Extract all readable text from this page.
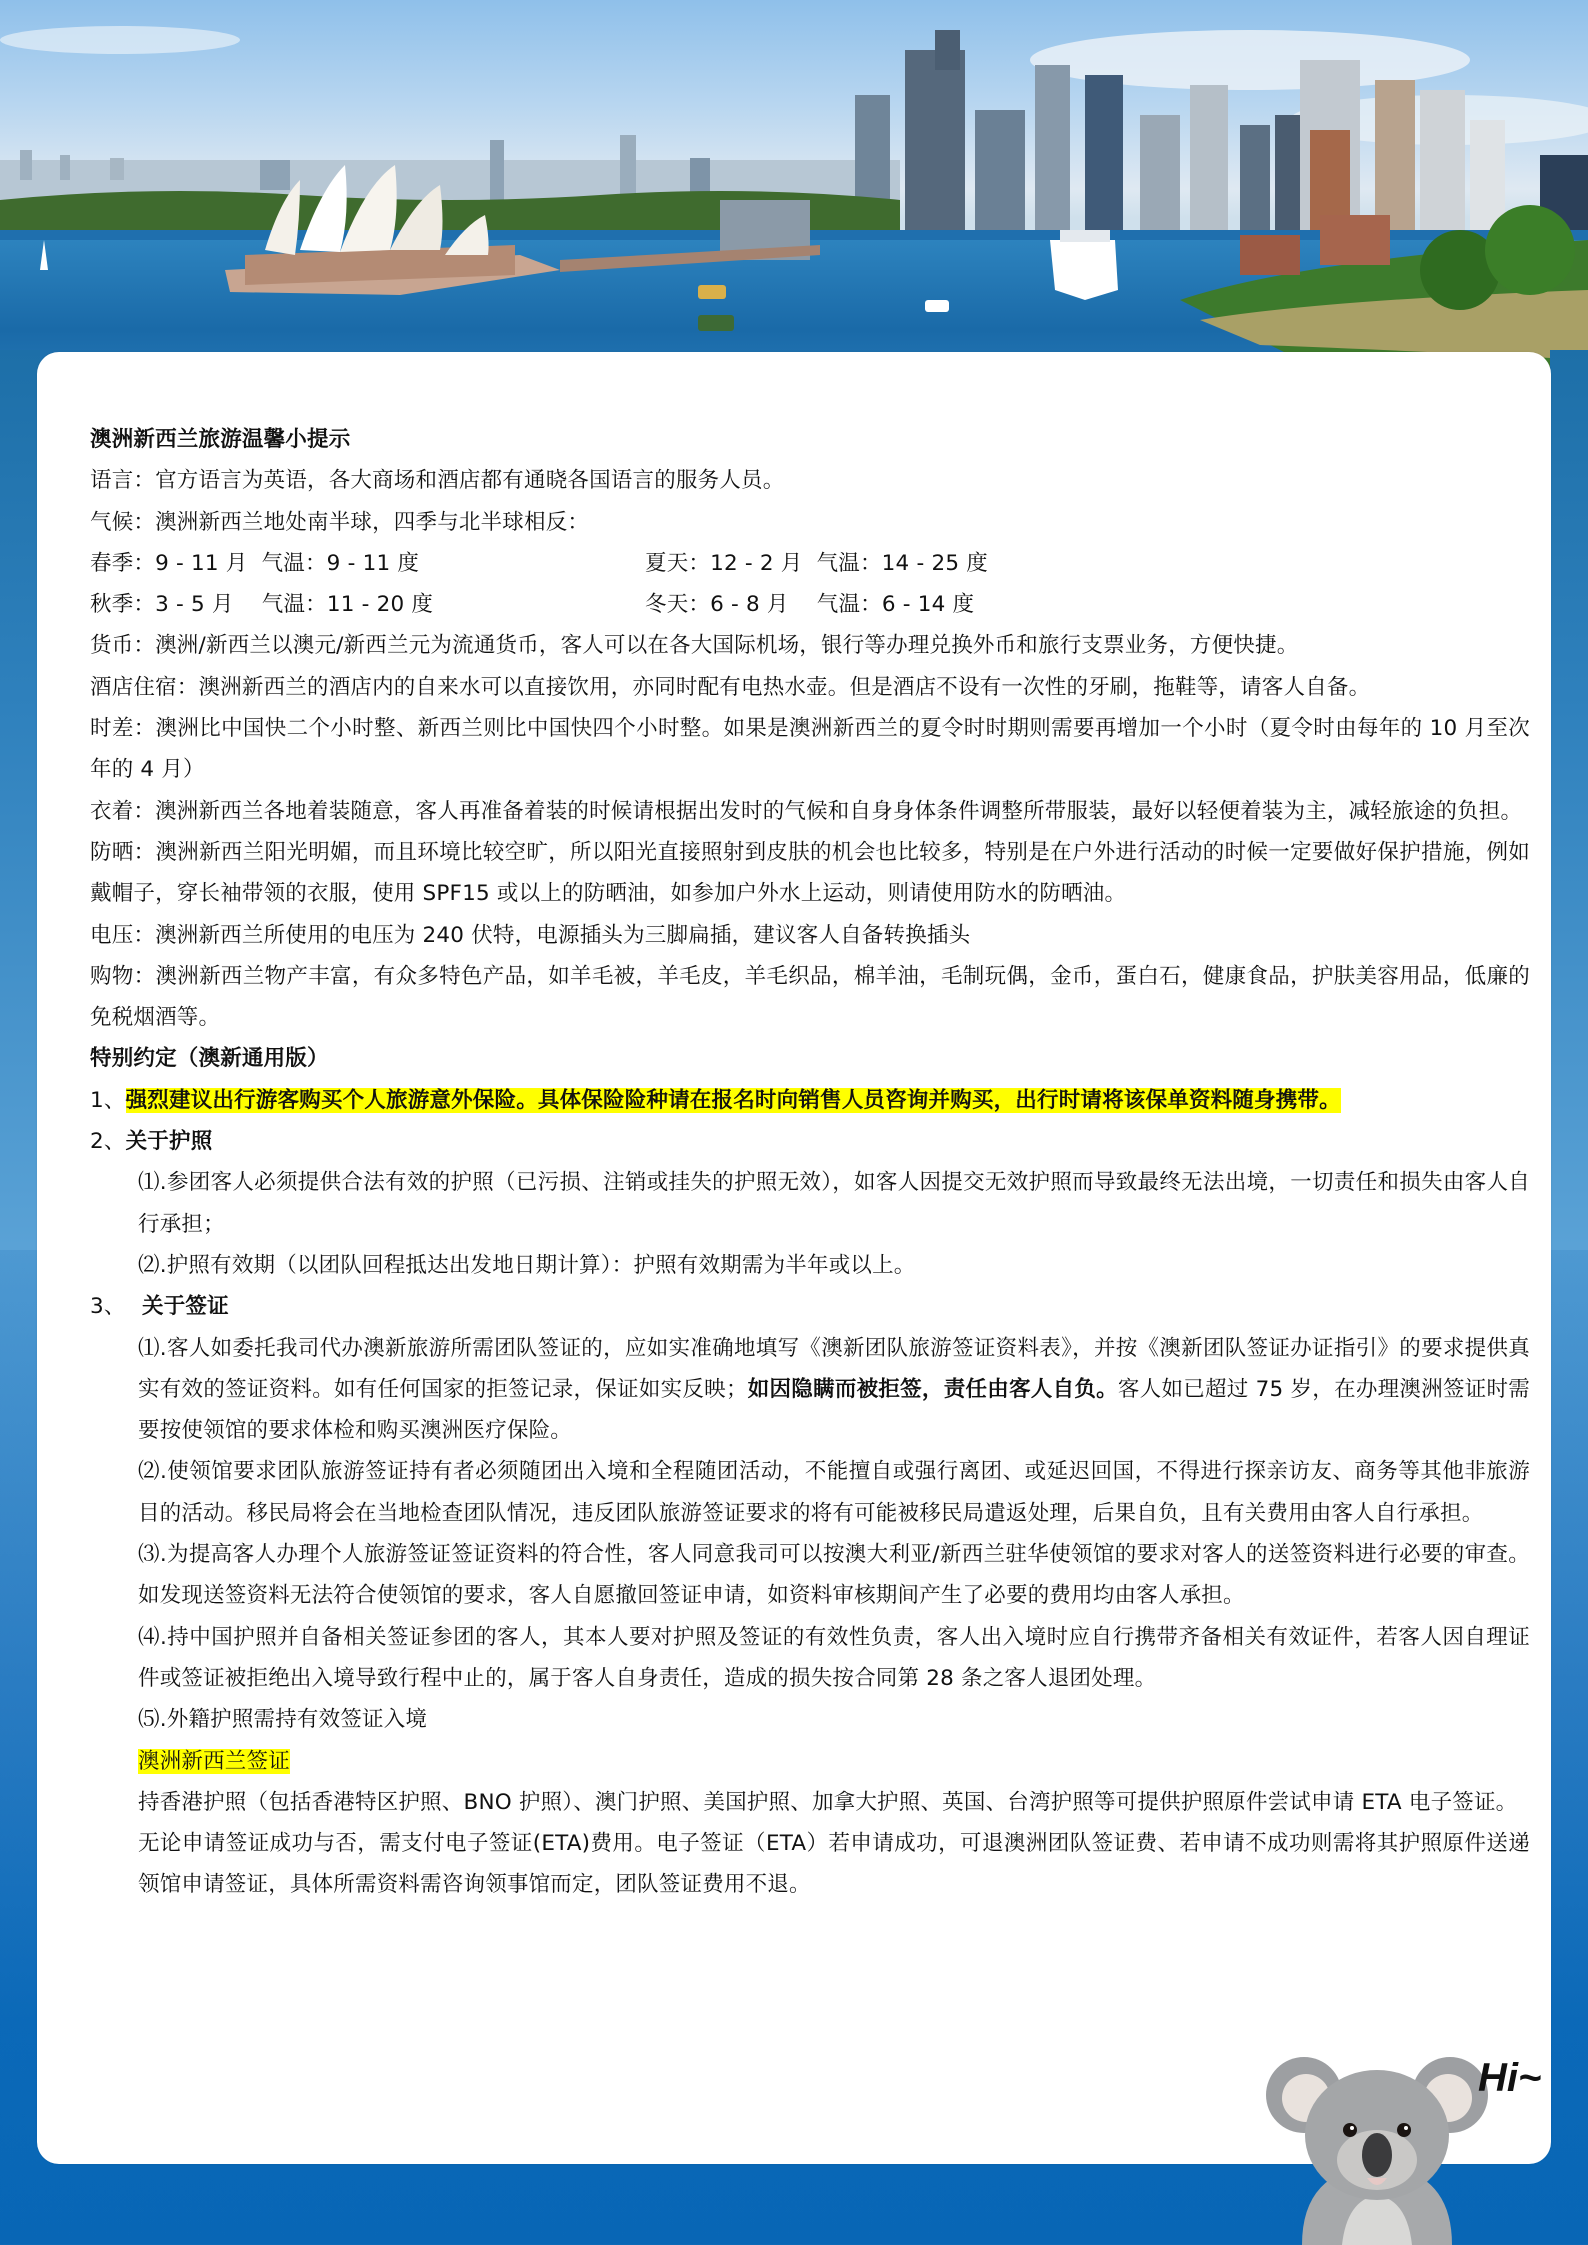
澳洲新西兰旅游温馨小提示
语言：官方语言为英语，各大商场和酒店都有通晓各国语言的服务人员。
气候：澳洲新西兰地处南半球，四季与北半球相反：
春季：9 - 11 月  气温：9 - 11 度	夏天：12 - 2 月  气温：14 - 25 度
秋季：3 - 5 月    气温：11 - 20 度	冬天：6 - 8 月    气温：6 - 14 度
货币：澳洲/新西兰以澳元/新西兰元为流通货币，客人可以在各大国际机场，银行等办理兑换外币和旅行支票业务，方便快捷。
酒店住宿：澳洲新西兰的酒店内的自来水可以直接饮用，亦同时配有电热水壶。但是酒店不设有一次性的牙刷，拖鞋等，请客人自备。
时差：澳洲比中国快二个小时整、新西兰则比中国快四个小时整。如果是澳洲新西兰的夏令时时期则需要再增加一个小时（夏令时由每年的 10 月至次年的 4 月）
衣着：澳洲新西兰各地着装随意，客人再准备着装的时候请根据出发时的气候和自身身体条件调整所带服装，最好以轻便着装为主，减轻旅途的负担。
防晒：澳洲新西兰阳光明媚，而且环境比较空旷，所以阳光直接照射到皮肤的机会也比较多，特别是在户外进行活动的时候一定要做好保护措施，例如戴帽子，穿长袖带领的衣服，使用 SPF15 或以上的防晒油，如参加户外水上运动，则请使用防水的防晒油。
电压：澳洲新西兰所使用的电压为 240 伏特，电源插头为三脚扁插，建议客人自备转换插头
购物：澳洲新西兰物产丰富，有众多特色产品，如羊毛被，羊毛皮，羊毛织品，棉羊油，毛制玩偶，金币，蛋白石，健康食品，护肤美容用品，低廉的免税烟酒等。
特别约定（澳新通用版）
1、强烈建议出行游客购买个人旅游意外保险。具体保险险种请在报名时向销售人员咨询并购买，出行时请将该保单资料随身携带。
2、关于护照
⑴.参团客人必须提供合法有效的护照（已污损、注销或挂失的护照无效），如客人因提交无效护照而导致最终无法出境，一切责任和损失由客人自行承担；
⑵.护照有效期（以团队回程抵达出发地日期计算）：护照有效期需为半年或以上。
3、 关于签证
⑴.客人如委托我司代办澳新旅游所需团队签证的，应如实准确地填写《澳新团队旅游签证资料表》，并按《澳新团队签证办证指引》的要求提供真实有效的签证资料。如有任何国家的拒签记录，保证如实反映；如因隐瞒而被拒签，责任由客人自负。客人如已超过 75 岁，在办理澳洲签证时需要按使领馆的要求体检和购买澳洲医疗保险。
⑵.使领馆要求团队旅游签证持有者必须随团出入境和全程随团活动，不能擅自或强行离团、或延迟回国，不得进行探亲访友、商务等其他非旅游目的活动。移民局将会在当地检查团队情况，违反团队旅游签证要求的将有可能被移民局遣返处理，后果自负，且有关费用由客人自行承担。
⑶.为提高客人办理个人旅游签证签证资料的符合性，客人同意我司可以按澳大利亚/新西兰驻华使领馆的要求对客人的送签资料进行必要的审查。如发现送签资料无法符合使领馆的要求，客人自愿撤回签证申请，如资料审核期间产生了必要的费用均由客人承担。
⑷.持中国护照并自备相关签证参团的客人，其本人要对护照及签证的有效性负责，客人出入境时应自行携带齐备相关有效证件，若客人因自理证件或签证被拒绝出入境导致行程中止的，属于客人自身责任，造成的损失按合同第 28 条之客人退团处理。
⑸.外籍护照需持有效签证入境
澳洲新西兰签证
持香港护照（包括香港特区护照、BNO 护照）、澳门护照、美国护照、加拿大护照、英国、台湾护照等可提供护照原件尝试申请 ETA 电子签证。
无论申请签证成功与否，需支付电子签证(ETA)费用。电子签证（ETA）若申请成功，可退澳洲团队签证费、若申请不成功则需将其护照原件送递领馆申请签证，具体所需资料需咨询领事馆而定，团队签证费用不退。
Hi~
